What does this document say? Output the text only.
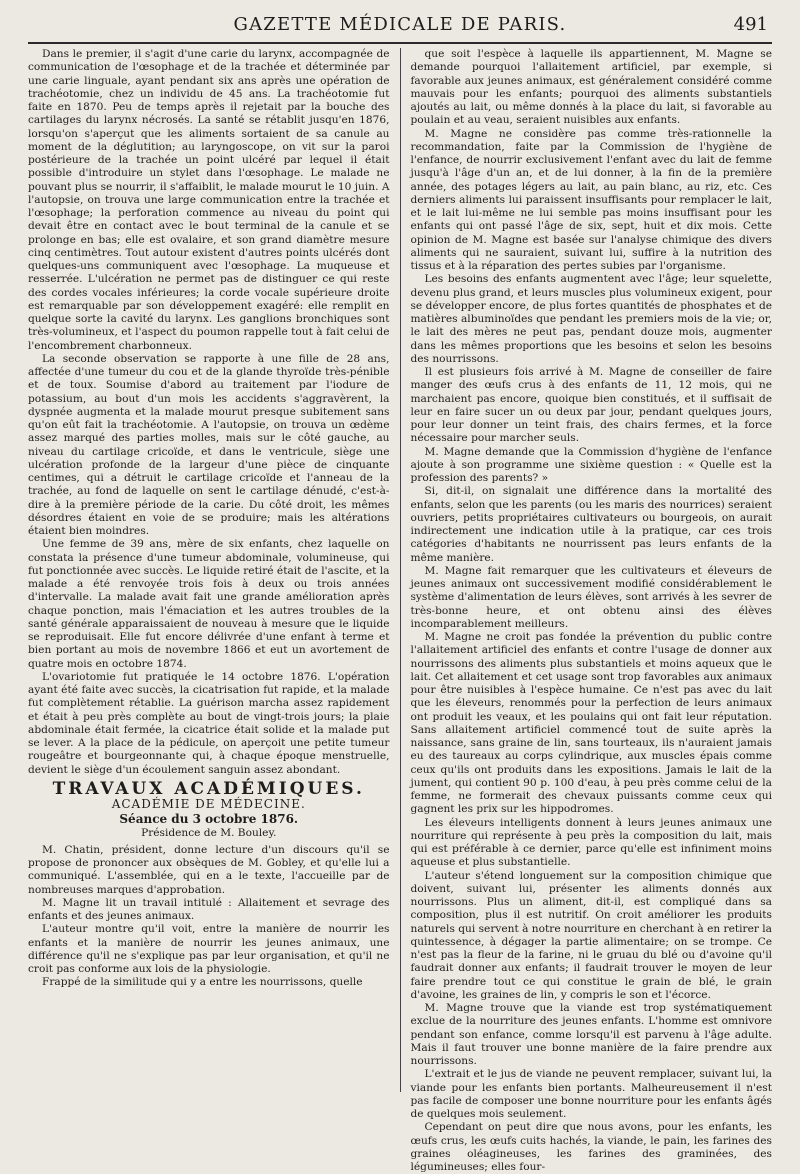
GAZETTE MÉDICALE DE PARIS.	491

Dans le premier, il s'agit d'une carie du larynx, accompagnée de communication de l'œsophage et de la trachée et déterminée par une carie linguale, ayant pendant six ans après une opération de trachéotomie, chez un individu de 45 ans. La trachéotomie fut faite en 1870. Peu de temps après il rejetait par la bouche des cartilages du larynx nécrosés. La santé se rétablit jusqu'en 1876, lorsqu'on s'aperçut que les aliments sortaient de sa canule au moment de la déglutition; au laryngoscope, on vit sur la paroi postérieure de la trachée un point ulcéré par lequel il était possible d'introduire un stylet dans l'œsophage. Le malade ne pouvant plus se nourrir, il s'affaiblit, le malade mourut le 10 juin. A l'autopsie, on trouva une large communication entre la trachée et l'œsophage; la perforation commence au niveau du point qui devait être en contact avec le bout terminal de la canule et se prolonge en bas; elle est ovalaire, et son grand diamètre mesure cinq centimètres. Tout autour existent d'autres points ulcérés dont quelques-uns communiquent avec l'œsophage. La muqueuse et resserrée. L'ulcération ne permet pas de distinguer ce qui reste des cordes vocales inférieures; la corde vocale supérieure droite est remarquable par son développement exagéré: elle remplit en quelque sorte la cavité du larynx. Les ganglions bronchiques sont très-volumineux, et l'aspect du poumon rappelle tout à fait celui de l'encombrement charbonneux.

La seconde observation se rapporte à une fille de 28 ans, affectée d'une tumeur du cou et de la glande thyroïde très-pénible et de toux. Soumise d'abord au traitement par l'iodure de potassium, au bout d'un mois les accidents s'aggravèrent, la dyspnée augmenta et la malade mourut presque subitement sans qu'on eût fait la trachéotomie. A l'autopsie, on trouva un œdème assez marqué des parties molles, mais sur le côté gauche, au niveau du cartilage cricoïde, et dans le ventricule, siège une ulcération profonde de la largeur d'une pièce de cinquante centimes, qui a détruit le cartilage cricoïde et l'anneau de la trachée, au fond de laquelle on sent le cartilage dénudé, c'est-à-dire à la première période de la carie. Du côté droit, les mêmes désordres étaient en voie de se produire; mais les altérations étaient bien moindres.

Une femme de 39 ans, mère de six enfants, chez laquelle on constata la présence d'une tumeur abdominale, volumineuse, qui fut ponctionnée avec succès. Le liquide retiré était de l'ascite, et la malade a été renvoyée trois fois à deux ou trois années d'intervalle. La malade avait fait une grande amélioration après chaque ponction, mais l'émaciation et les autres troubles de la santé générale apparaissaient de nouveau à mesure que le liquide se reproduisait. Elle fut encore délivrée d'une enfant à terme et bien portant au mois de novembre 1866 et eut un avortement de quatre mois en octobre 1874.

L'ovariotomie fut pratiquée le 14 octobre 1876. L'opération ayant été faite avec succès, la cicatrisation fut rapide, et la malade fut complètement rétablie. La guérison marcha assez rapidement et était à peu près complète au bout de vingt-trois jours; la plaie abdominale était fermée, la cicatrice était solide et la malade put se lever. A la place de la pédicule, on aperçoit une petite tumeur rougeâtre et bourgeonnante qui, à chaque époque menstruelle, devient le siège d'un écoulement sanguin assez abondant.

TRAVAUX ACADÉMIQUES.
ACADÉMIE DE MÉDECINE.
Séance du 3 octobre 1876.
Présidence de M. Bouley.

M. Chatin, président, donne lecture d'un discours qu'il se propose de prononcer aux obsèques de M. Gobley, et qu'elle lui a communiqué. L'assemblée, qui en a le texte, l'accueille par de nombreuses marques d'approbation.

M. Magne lit un travail intitulé : Allaitement et sevrage des enfants et des jeunes animaux.

L'auteur montre qu'il voit, entre la manière de nourrir les enfants et la manière de nourrir les jeunes animaux, une différence qu'il ne s'explique pas par leur organisation, et qu'il ne croit pas conforme aux lois de la physiologie.

Frappé de la similitude qui y a entre les nourrissons, quelle

que soit l'espèce à laquelle ils appartiennent, M. Magne se demande pourquoi l'allaitement artificiel, par exemple, si favorable aux jeunes animaux, est généralement considéré comme mauvais pour les enfants; pourquoi des aliments substantiels ajoutés au lait, ou même donnés à la place du lait, si favorable au poulain et au veau, seraient nuisibles aux enfants.

M. Magne ne considère pas comme très-rationnelle la recommandation, faite par la Commission de l'hygiène de l'enfance, de nourrir exclusivement l'enfant avec du lait de femme jusqu'à l'âge d'un an, et de lui donner, à la fin de la première année, des potages légers au lait, au pain blanc, au riz, etc. Ces derniers aliments lui paraissent insuffisants pour remplacer le lait, et le lait lui-même ne lui semble pas moins insuffisant pour les enfants qui ont passé l'âge de six, sept, huit et dix mois. Cette opinion de M. Magne est basée sur l'analyse chimique des divers aliments qui ne sauraient, suivant lui, suffire à la nutrition des tissus et à la réparation des pertes subies par l'organisme.

Les besoins des enfants augmentent avec l'âge; leur squelette, devenu plus grand, et leurs muscles plus volumineux exigent, pour se développer encore, de plus fortes quantités de phosphates et de matières albuminoïdes que pendant les premiers mois de la vie; or, le lait des mères ne peut pas, pendant douze mois, augmenter dans les mêmes proportions que les besoins et selon les besoins des nourrissons.

Il est plusieurs fois arrivé à M. Magne de conseiller de faire manger des œufs crus à des enfants de 11, 12 mois, qui ne marchaient pas encore, quoique bien constitués, et il suffisait de leur en faire sucer un ou deux par jour, pendant quelques jours, pour leur donner un teint frais, des chairs fermes, et la force nécessaire pour marcher seuls.

M. Magne demande que la Commission d'hygiène de l'enfance ajoute à son programme une sixième question : « Quelle est la profession des parents? »

Si, dit-il, on signalait une différence dans la mortalité des enfants, selon que les parents (ou les maris des nourrices) seraient ouvriers, petits propriétaires cultivateurs ou bourgeois, on aurait indirectement une indication utile à la pratique, car ces trois catégories d'habitants ne nourrissent pas leurs enfants de la même manière.

M. Magne fait remarquer que les cultivateurs et éleveurs de jeunes animaux ont successivement modifié considérablement le système d'alimentation de leurs élèves, sont arrivés à les sevrer de très-bonne heure, et ont obtenu ainsi des élèves incomparablement meilleurs.

M. Magne ne croit pas fondée la prévention du public contre l'allaitement artificiel des enfants et contre l'usage de donner aux nourrissons des aliments plus substantiels et moins aqueux que le lait. Cet allaitement et cet usage sont trop favorables aux animaux pour être nuisibles à l'espèce humaine. Ce n'est pas avec du lait que les éleveurs, renommés pour la perfection de leurs animaux ont produit les veaux, et les poulains qui ont fait leur réputation. Sans allaitement artificiel commencé tout de suite après la naissance, sans graine de lin, sans tourteaux, ils n'auraient jamais eu des taureaux au corps cylindrique, aux muscles épais comme ceux qu'ils ont produits dans les expositions. Jamais le lait de la jument, qui contient 90 p. 100 d'eau, à peu près comme celui de la femme, ne formerait des chevaux puissants comme ceux qui gagnent les prix sur les hippodromes.

Les éleveurs intelligents donnent à leurs jeunes animaux une nourriture qui représente à peu près la composition du lait, mais qui est préférable à ce dernier, parce qu'elle est infiniment moins aqueuse et plus substantielle.

L'auteur s'étend longuement sur la composition chimique que doivent, suivant lui, présenter les aliments donnés aux nourrissons. Plus un aliment, dit-il, est compliqué dans sa composition, plus il est nutritif. On croit améliorer les produits naturels qui servent à notre nourriture en cherchant à en retirer la quintessence, à dégager la partie alimentaire; on se trompe. Ce n'est pas la fleur de la farine, ni le gruau du blé ou d'avoine qu'il faudrait donner aux enfants; il faudrait trouver le moyen de leur faire prendre tout ce qui constitue le grain de blé, le grain d'avoine, les graines de lin, y compris le son et l'écorce.

M. Magne trouve que la viande est trop systématiquement exclue de la nourriture des jeunes enfants. L'homme est omnivore pendant son enfance, comme lorsqu'il est parvenu à l'âge adulte. Mais il faut trouver une bonne manière de la faire prendre aux nourrissons.

L'extrait et le jus de viande ne peuvent remplacer, suivant lui, la viande pour les enfants bien portants. Malheureusement il n'est pas facile de composer une bonne nourriture pour les enfants âgés de quelques mois seulement.

Cependant on peut dire que nous avons, pour les enfants, les œufs crus, les œufs cuits hachés, la viande, le pain, les farines des graines oléagineuses, les farines des graminées, des légumineuses; elles four-
